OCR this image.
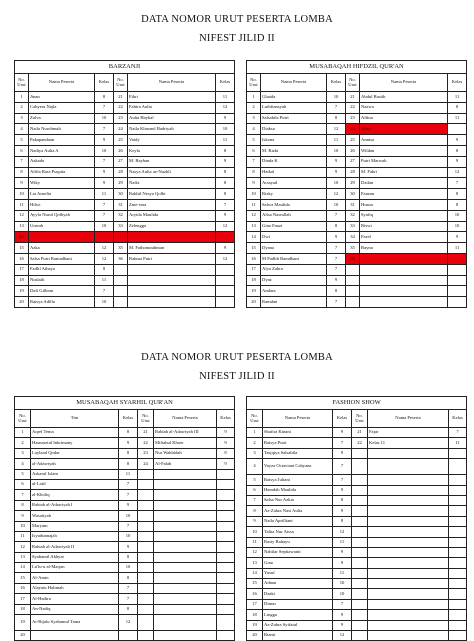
DATA NOMOR URUT PESERTA LOMBA
NIFEST JILID II
BARZANJI					
No. Urut	Nama Peserta	Kelas	No. Urut	Nama Peserta	Kelas
1	Jinan	8	21	Fikri	11
2	Cahyera Najla	7	22	Fahira Aulia	12
3	Zulva	10	23	Aulia Haykal	9
4	Naila Nurohmah	7	24	Naila Khusnul Badriyah	10
5	Pakapandaan	9	25	Vaidy	11
6	Nadiya Aulia A	10	26	Keyla	8
7	Azkada	7	27	M. Rayhan	9
8	Alifia Rara Puspita	9	28	Nasya Aulia az-Nuzhli	8
9	Wiky	9	29	Naffa	8
10	Lia Anselia	11	30	Rahhil Nesya Qolbi	8
11	Hilwi	7	31	Zme-rasa	7
12	Ayyfa Nurul Qolbyah	7	32	Aryida Maulida	9
13	Unsrah	10	33	Zelengga	12
14					
15	Azka	12	35	M. Fathonurahman	9
16	Salsa Putri Ramadhani	12	36	Rahma Putri	12
17	Fadlil Athaya	8			
18	Nuslaili	11			
19	Dafi Gilbran	7			
20	Raisya Adilla	10			
MUSABAQAH HIFDZIL QUR'AN					
No. Urut	Nama Peserta	Kelas	No. Urut	Nama Peserta	Kelas
1	Ghaida	10	21	Abdul Basith	11
2	Luthfiansyah	7	22	Nazwa	8
3	Salsabila Putri	8	23	Alfina	11
4	Diaksa	12	24	Alisa	
5	Iskona	11	25	Annisa	9
6	M. Rizki	10	26	Wildan	8
7	Dinda K	9	27	Putri Marwah	9
8	Haikal	9	28	M. Fahri	12
9	Arsayad	10	29	Dzilan	7
10	Rizky	12	30	Fauzan	8
11	Salwa Maulida	10	31	Husna	8
12	Alisa Nasrullah	7	32	Syafiq	10
13	Gina Fauzi	8	33	Riswi	10
14	Dwi	9	34	Fazel	9
15	Dyana	7	35	Rayna	11
16	M Fadlih Ramdhani	7	36		
17	Alya Zahra	7			
18	Dyaz	9			
19	Andara	8			
20	Ramdan	7			
DATA NOMOR URUT PESERTA LOMBA
NIFEST JILID II
MUSABAQAH SYARHIL QUR'AN					
No. Urut	Tim	Kelas	No. Urut	Nama Peserta	Kelas
1	Aqrel Tema	8	21	Rabiah al-Adawiyah III	9
2	Hasnasetul Inkrimany	9	22	Miftahul Khoer	9
3	Layland Qodar	8	23	Nur Wakhidah	8
4	al-Adawiyah	8	24	Al-Falah	9
5	Askarul Islam	11			
6	al-Latif	7			
7	al-Kholiq	7			
8	Rabiah al-Adawiyah I	9			
9	Wasatiyah	10			
10	Maryam	7			
11	Isyudunnajah	10			
12	Rabiah al-Adawiyah II	9			
13	Syahamil Akhyar	8			
14	Lu'lu-u al-Marjan	10			
15	Al-Amin	8			
16	Alayatu Halimah	7			
17	Al-Hadiru	7			
18	An-Nadiq	8			
19	Ar-Rijalu Syahamul Tama	12			
20					
FASHION SHOW					
No. Urut	Nama Peserta	Kelas	No. Urut	Nama Peserta	Kelas
1	Shafira Kinani	9	21	Fajar	7
2	Raisya Putri	7	22	Kelas 11	11
3	Tasjqiya Salsabila	9			
4	Vayza Octaviani Cahyana	7			
5	Raisya Juliani	7			
6	Hamdah Maulida	9			
7	Salsa Nur Azkia	8			
8	Az-Zahra Nasi Aulia	9			
9	Naila Aprilliani	8			
10	Talita Nur Aissa	12			
11	Rasty Rahayu	11			
12	Nabilar Septiawanti	9			
13	Gino	9			
14	Yusuf	11			
15	Adnan	10			
16	Dzaki	10			
17	Dimas	7			
18	Lingga	9			
19	Az-Zahra Syifatul	9			
20	Rianti	12			
